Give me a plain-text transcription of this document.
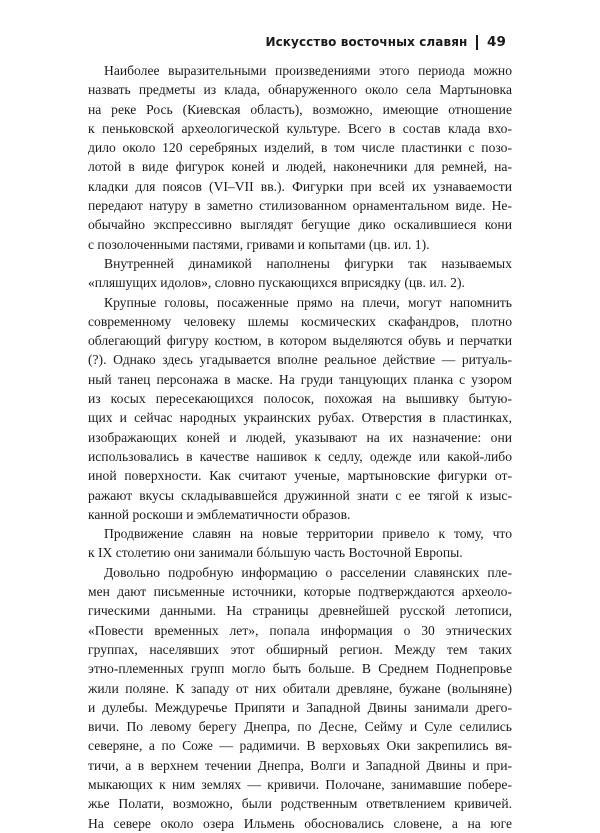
Искусство восточных славян 49

Наиболее выразительными произведениями этого периода можно
назвать предметы из клада, обнаруженного около села Мартыновка
на реке Рось (Киевская область), возможно, имеющие отношение
к пеньковской археологической культуре. Всего в состав клада вхо-
дило около 120 серебряных изделий, в том числе пластинки с позо-
лотой в виде фигурок коней и людей, наконечники для ремней, на-
кладки для поясов (VI–VII вв.). Фигурки при всей их узнаваемости
передают натуру в заметно стилизованном орнаментальном виде. Не-
обычайно экспрессивно выглядят бегущие дико оскалившиеся кони
с позолоченными пастями, гривами и копытами (цв. ил. 1).

Внутренней динамикой наполнены фигурки так называемых
«пляшущих идолов», словно пускающихся вприсядку (цв. ил. 2).

Крупные головы, посаженные прямо на плечи, могут напомнить
современному человеку шлемы космических скафандров, плотно
облегающий фигуру костюм, в котором выделяются обувь и перчатки
(?). Однако здесь угадывается вполне реальное действие — ритуаль-
ный танец персонажа в маске. На груди танцующих планка с узором
из косых пересекающихся полосок, похожая на вышивку бытую-
щих и сейчас народных украинских рубах. Отверстия в пластинках,
изображающих коней и людей, указывают на их назначение: они
использовались в качестве нашивок к седлу, одежде или какой-либо
иной поверхности. Как считают ученые, мартыновские фигурки от-
ражают вкусы складывавшейся дружинной знати с ее тягой к изыс-
канной роскоши и эмблематичности образов.

Продвижение славян на новые территории привело к тому, что
к IX столетию они занимали бóльшую часть Восточной Европы.

Довольно подробную информацию о расселении славянских пле-
мен дают письменные источники, которые подтверждаются археоло-
гическими данными. На страницы древнейшей русской летописи,
«Повести временных лет», попала информация о 30 этнических
группах, населявших этот обширный регион. Между тем таких
этно-племенных групп могло быть больше. В Среднем Поднепровье
жили поляне. К западу от них обитали древляне, бужане (волыняне)
и дулебы. Междуречье Припяти и Западной Двины занимали дрего-
вичи. По левому берегу Днепра, по Десне, Сейму и Суле селились
северяне, а по Соже — радимичи. В верховьях Оки закрепились вя-
тичи, а в верхнем течении Днепра, Волги и Западной Двины и при-
мыкающих к ним землях — кривичи. Полочане, занимавшие побере-
жье Полати, возможно, были родственным ответвлением кривичей.
На севере около озера Ильмень обосновались словене, а на юге
